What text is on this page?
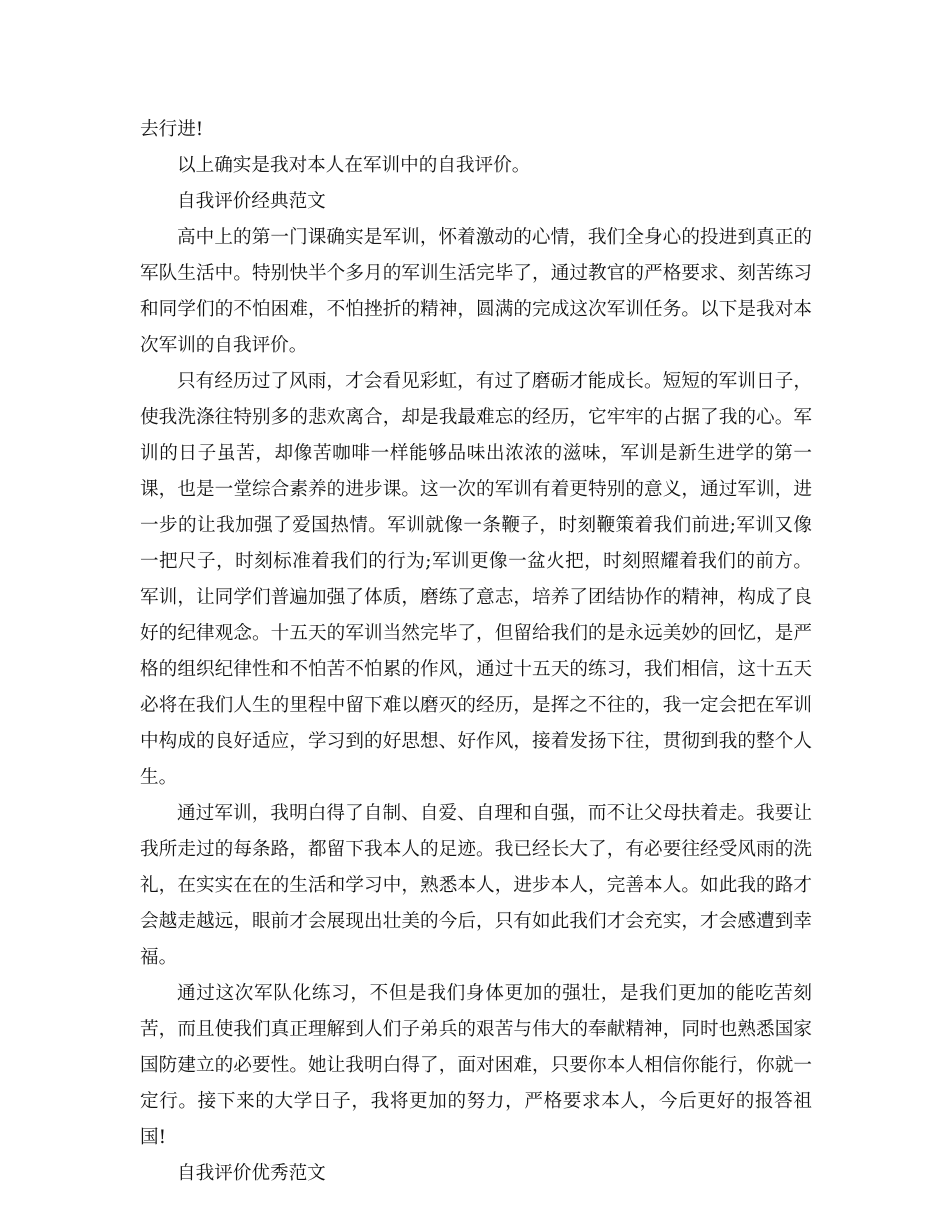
去行进!

以上确实是我对本人在军训中的自我评价。

自我评价经典范文

高中上的第一门课确实是军训，怀着激动的心情，我们全身心的投进到真正的军队生活中。特别快半个多月的军训生活完毕了，通过教官的严格要求、刻苦练习和同学们的不怕困难，不怕挫折的精神，圆满的完成这次军训任务。以下是我对本次军训的自我评价。

只有经历过了风雨，才会看见彩虹，有过了磨砺才能成长。短短的军训日子，使我洗涤往特别多的悲欢离合，却是我最难忘的经历，它牢牢的占据了我的心。军训的日子虽苦，却像苦咖啡一样能够品味出浓浓的滋味，军训是新生进学的第一课，也是一堂综合素养的进步课。这一次的军训有着更特别的意义，通过军训，进一步的让我加强了爱国热情。军训就像一条鞭子，时刻鞭策着我们前进;军训又像一把尺子，时刻标准着我们的行为;军训更像一盆火把，时刻照耀着我们的前方。军训，让同学们普遍加强了体质，磨练了意志，培养了团结协作的精神，构成了良好的纪律观念。十五天的军训当然完毕了，但留给我们的是永远美妙的回忆，是严格的组织纪律性和不怕苦不怕累的作风，通过十五天的练习，我们相信，这十五天必将在我们人生的里程中留下难以磨灭的经历，是挥之不往的，我一定会把在军训中构成的良好适应，学习到的好思想、好作风，接着发扬下往，贯彻到我的整个人生。

通过军训，我明白得了自制、自爱、自理和自强，而不让父母扶着走。我要让我所走过的每条路，都留下我本人的足迹。我已经长大了，有必要往经受风雨的洗礼，在实实在在的生活和学习中，熟悉本人，进步本人，完善本人。如此我的路才会越走越远，眼前才会展现出壮美的今后，只有如此我们才会充实，才会感遭到幸福。

通过这次军队化练习，不但是我们身体更加的强壮，是我们更加的能吃苦刻苦，而且使我们真正理解到人们子弟兵的艰苦与伟大的奉献精神，同时也熟悉国家国防建立的必要性。她让我明白得了，面对困难，只要你本人相信你能行，你就一定行。接下来的大学日子，我将更加的努力，严格要求本人，今后更好的报答祖国!

自我评价优秀范文
